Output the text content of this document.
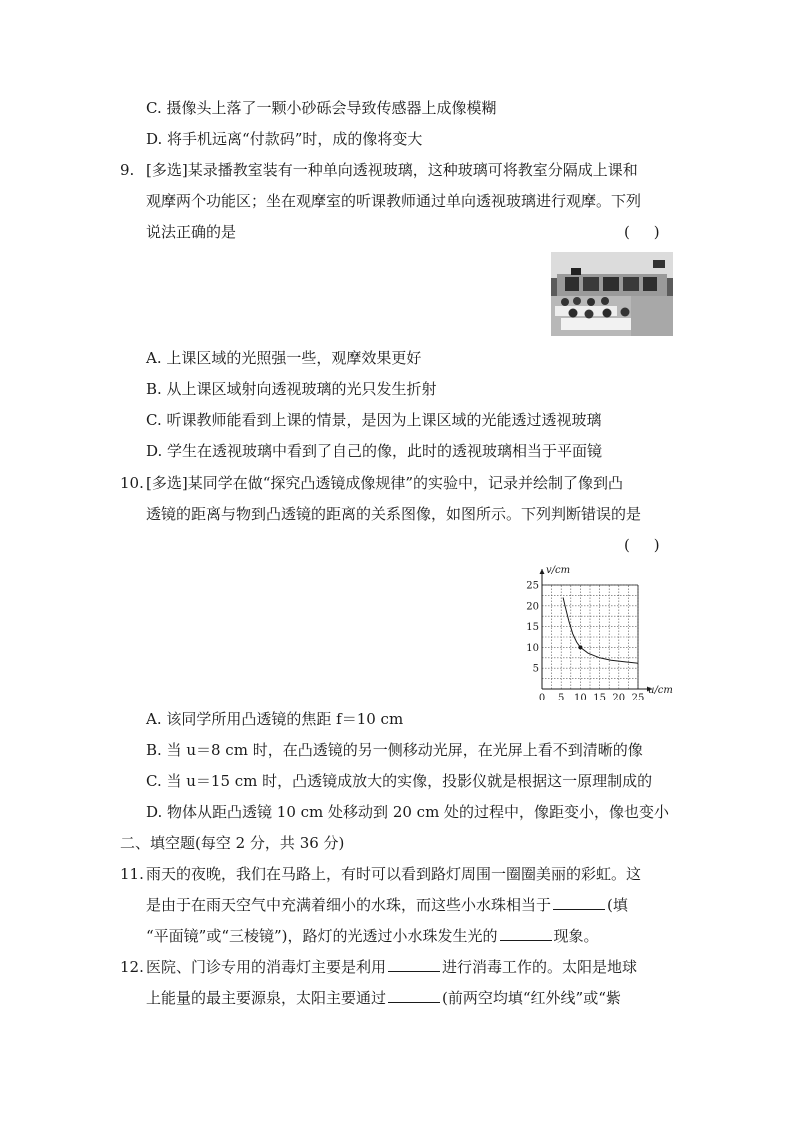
C. 摄像头上落了一颗小砂砾会导致传感器上成像模糊
D. 将手机远离“付款码”时，成的像将变大
9. [多选]某录播教室装有一种单向透视玻璃，这种玻璃可将教室分隔成上课和
观摩两个功能区；坐在观摩室的听课教师通过单向透视玻璃进行观摩。下列
说法正确的是	(     )
A. 上课区域的光照强一些，观摩效果更好
B. 从上课区域射向透视玻璃的光只发生折射
C. 听课教师能看到上课的情景，是因为上课区域的光能透过透视玻璃
D. 学生在透视玻璃中看到了自己的像，此时的透视玻璃相当于平面镜
10. [多选]某同学在做“探究凸透镜成像规律”的实验中，记录并绘制了像到凸
透镜的距离与物到凸透镜的距离的关系图像，如图所示。下列判断错误的是
(     )
0 5 10 15 20 25
5
10
15
20
25
v/cm
u/cm
A. 该同学所用凸透镜的焦距 f＝10 cm
B. 当 u＝8 cm 时，在凸透镜的另一侧移动光屏，在光屏上看不到清晰的像
C. 当 u＝15 cm 时，凸透镜成放大的实像，投影仪就是根据这一原理制成的
D. 物体从距凸透镜 10 cm 处移动到 20 cm 处的过程中，像距变小，像也变小
二、填空题(每空 2 分，共 36 分)
11. 雨天的夜晚，我们在马路上，有时可以看到路灯周围一圈圈美丽的彩虹。这
是由于在雨天空气中充满着细小的水珠，而这些小水珠相当于	(填
“平面镜”或“三棱镜”)，路灯的光透过小水珠发生光的	现象。
12. 医院、门诊专用的消毒灯主要是利用	进行消毒工作的。太阳是地球
上能量的最主要源泉，太阳主要通过	(前两空均填“红外线”或“紫
